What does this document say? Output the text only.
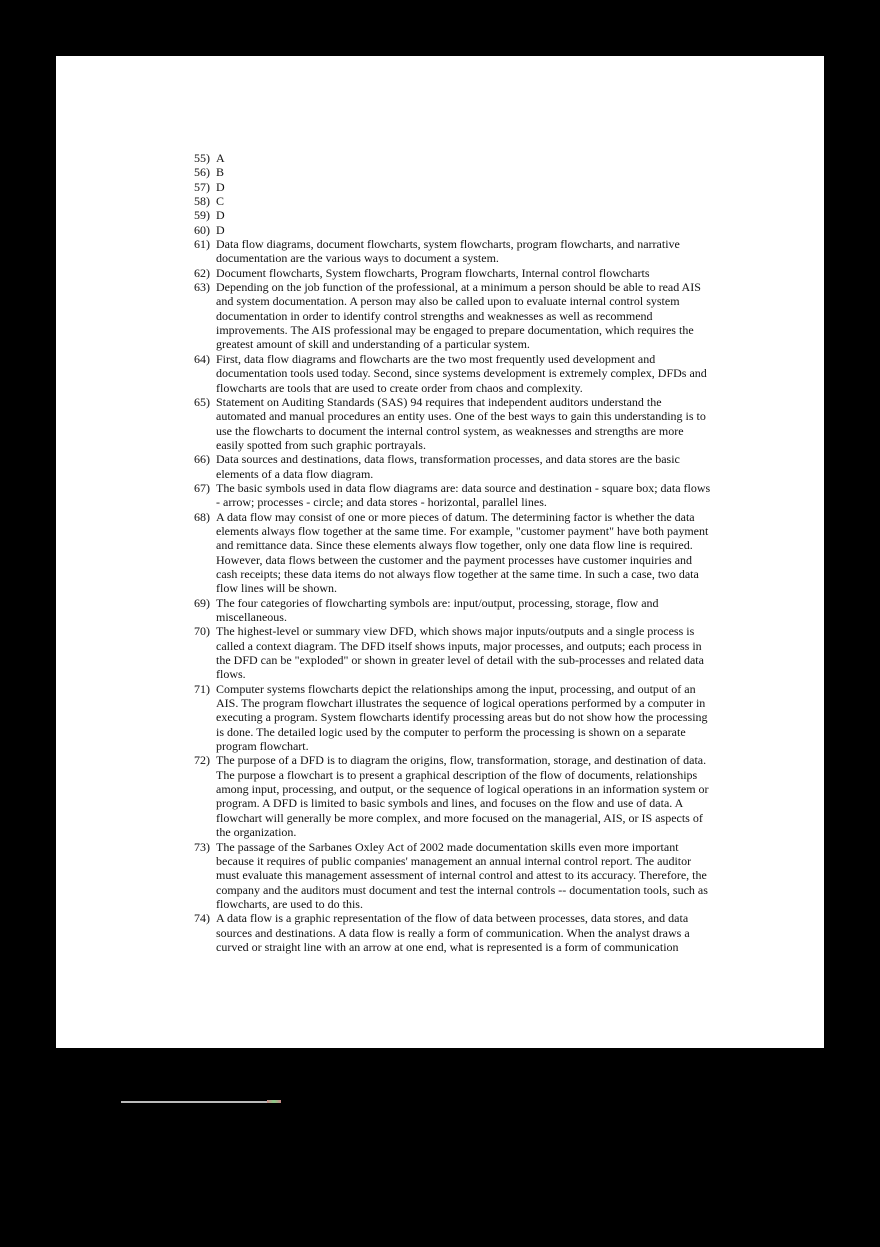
55) A
56) B
57) D
58) C
59) D
60) D
61) Data flow diagrams, document flowcharts, system flowcharts, program flowcharts, and narrative documentation are the various ways to document a system.
62) Document flowcharts, System flowcharts, Program flowcharts, Internal control flowcharts
63) Depending on the job function of the professional, at a minimum a person should be able to read AIS and system documentation. A person may also be called upon to evaluate internal control system documentation in order to identify control strengths and weaknesses as well as recommend improvements. The AIS professional may be engaged to prepare documentation, which requires the greatest amount of skill and understanding of a particular system.
64) First, data flow diagrams and flowcharts are the two most frequently used development and documentation tools used today. Second, since systems development is extremely complex, DFDs and flowcharts are tools that are used to create order from chaos and complexity.
65) Statement on Auditing Standards (SAS) 94 requires that independent auditors understand the automated and manual procedures an entity uses. One of the best ways to gain this understanding is to use the flowcharts to document the internal control system, as weaknesses and strengths are more easily spotted from such graphic portrayals.
66) Data sources and destinations, data flows, transformation processes, and data stores are the basic elements of a data flow diagram.
67) The basic symbols used in data flow diagrams are: data source and destination - square box; data flows - arrow; processes - circle; and data stores - horizontal, parallel lines.
68) A data flow may consist of one or more pieces of datum. The determining factor is whether the data elements always flow together at the same time. For example, "customer payment" have both payment and remittance data. Since these elements always flow together, only one data flow line is required. However, data flows between the customer and the payment processes have customer inquiries and cash receipts; these data items do not always flow together at the same time. In such a case, two data flow lines will be shown.
69) The four categories of flowcharting symbols are: input/output, processing, storage, flow and miscellaneous.
70) The highest-level or summary view DFD, which shows major inputs/outputs and a single process is called a context diagram. The DFD itself shows inputs, major processes, and outputs; each process in the DFD can be "exploded" or shown in greater level of detail with the sub-processes and related data flows.
71) Computer systems flowcharts depict the relationships among the input, processing, and output of an AIS. The program flowchart illustrates the sequence of logical operations performed by a computer in executing a program. System flowcharts identify processing areas but do not show how the processing is done. The detailed logic used by the computer to perform the processing is shown on a separate program flowchart.
72) The purpose of a DFD is to diagram the origins, flow, transformation, storage, and destination of data. The purpose a flowchart is to present a graphical description of the flow of documents, relationships among input, processing, and output, or the sequence of logical operations in an information system or program. A DFD is limited to basic symbols and lines, and focuses on the flow and use of data. A flowchart will generally be more complex, and more focused on the managerial, AIS, or IS aspects of the organization.
73) The passage of the Sarbanes Oxley Act of 2002 made documentation skills even more important because it requires of public companies' management an annual internal control report. The auditor must evaluate this management assessment of internal control and attest to its accuracy. Therefore, the company and the auditors must document and test the internal controls -- documentation tools, such as flowcharts, are used to do this.
74) A data flow is a graphic representation of the flow of data between processes, data stores, and data sources and destinations. A data flow is really a form of communication. When the analyst draws a curved or straight line with an arrow at one end, what is represented is a form of communication
